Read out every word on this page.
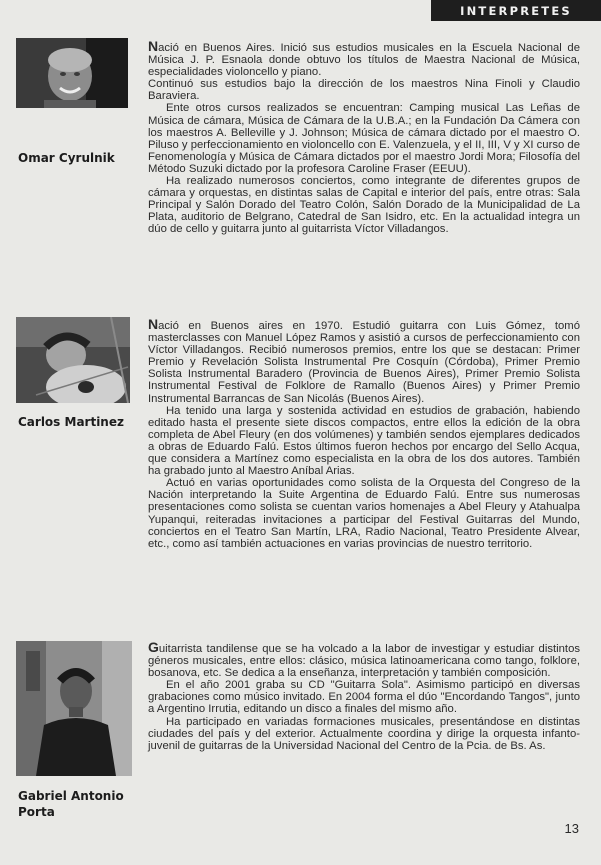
INTERPRETES
Omar Cyrulnik

Nació en Buenos Aires. Inició sus estudios musicales en la Escuela Nacional de Música J. P. Esnaola donde obtuvo los títulos de Maestra Nacional de Música, especialidades violoncello y piano.

Continuó sus estudios bajo la dirección de los maestros Nina Finoli y Claudio Baraviera.

Ente otros cursos realizados se encuentran: Camping musical Las Leñas de Música de cámara, Música de Cámara de la U.B.A.; en la Fundación Da Cámera con los maestros A. Belleville y J. Johnson; Música de cámara dictado por el maestro O. Piluso y perfeccionamiento en violoncello con E. Valenzuela, y el II, III, V y XI curso de Fenomenología y Música de Cámara dictados por el maestro Jordi Mora; Filosofía del Método Suzuki dictado por la profesora Caroline Fraser (EEUU).

Ha realizado numerosos conciertos, como integrante de diferentes grupos de cámara y orquestas, en distintas salas de Capital e interior del país, entre otras: Sala Principal y Salón Dorado del Teatro Colón, Salón Dorado de la Municipalidad de La Plata, auditorio de Belgrano, Catedral de San Isidro, etc. En la actualidad integra un dúo de cello y guitarra junto al guitarrista Víctor Villadangos.

Carlos Martinez

Nació en Buenos aires en 1970. Estudió guitarra con Luis Gómez, tomó masterclasses con Manuel López Ramos y asistió a cursos de perfeccionamiento con Víctor Villadangos. Recibió numerosos premios, entre los que se destacan: Primer Premio y Revelación Solista Instrumental Pre Cosquín (Córdoba), Primer Premio Solista Instrumental Baradero (Provincia de Buenos Aires), Primer Premio Solista Instrumental Festival de Folklore de Ramallo (Buenos Aires) y Primer Premio Instrumental Barrancas de San Nicolás (Buenos Aires).

Ha tenido una larga y sostenida actividad en estudios de grabación, habiendo editado hasta el presente siete discos compactos, entre ellos la edición de la obra completa de Abel Fleury (en dos volúmenes) y también sendos ejemplares dedicados a obras de Eduardo Falú. Estos últimos fueron hechos por encargo del Sello Acqua, que considera a Martínez como especialista en la obra de los dos autores. También ha grabado junto al Maestro Aníbal Arias.

Actuó en varias oportunidades como solista de la Orquesta del Congreso de la Nación interpretando la Suite Argentina de Eduardo Falú. Entre sus numerosas presentaciones como solista se cuentan varios homenajes a Abel Fleury y Atahualpa Yupanqui, reiteradas invitaciones a participar del Festival Guitarras del Mundo, conciertos en el Teatro San Martín, LRA, Radio Nacional, Teatro Presidente Alvear, etc., como así también actuaciones en varias provincias de nuestro territorio.

Gabriel Antonio
Porta

Guitarrista tandilense que se ha volcado a la labor de investigar y estudiar distintos géneros musicales, entre ellos: clásico, música latinoamericana como tango, folklore, bosanova, etc. Se dedica a la enseñanza, interpretación y también composición.

En el año 2001 graba su CD "Guitarra Sola". Asimismo participó en diversas grabaciones como músico invitado. En 2004 forma el dúo "Encordando Tangos", junto a Argentino Irrutia, editando un disco a finales del mismo año.

Ha participado en variadas formaciones musicales, presentándose en distintas ciudades del país y del exterior. Actualmente coordina y dirige la orquesta infanto-juvenil de guitarras de la Universidad Nacional del Centro de la Pcia. de Bs. As.

13
